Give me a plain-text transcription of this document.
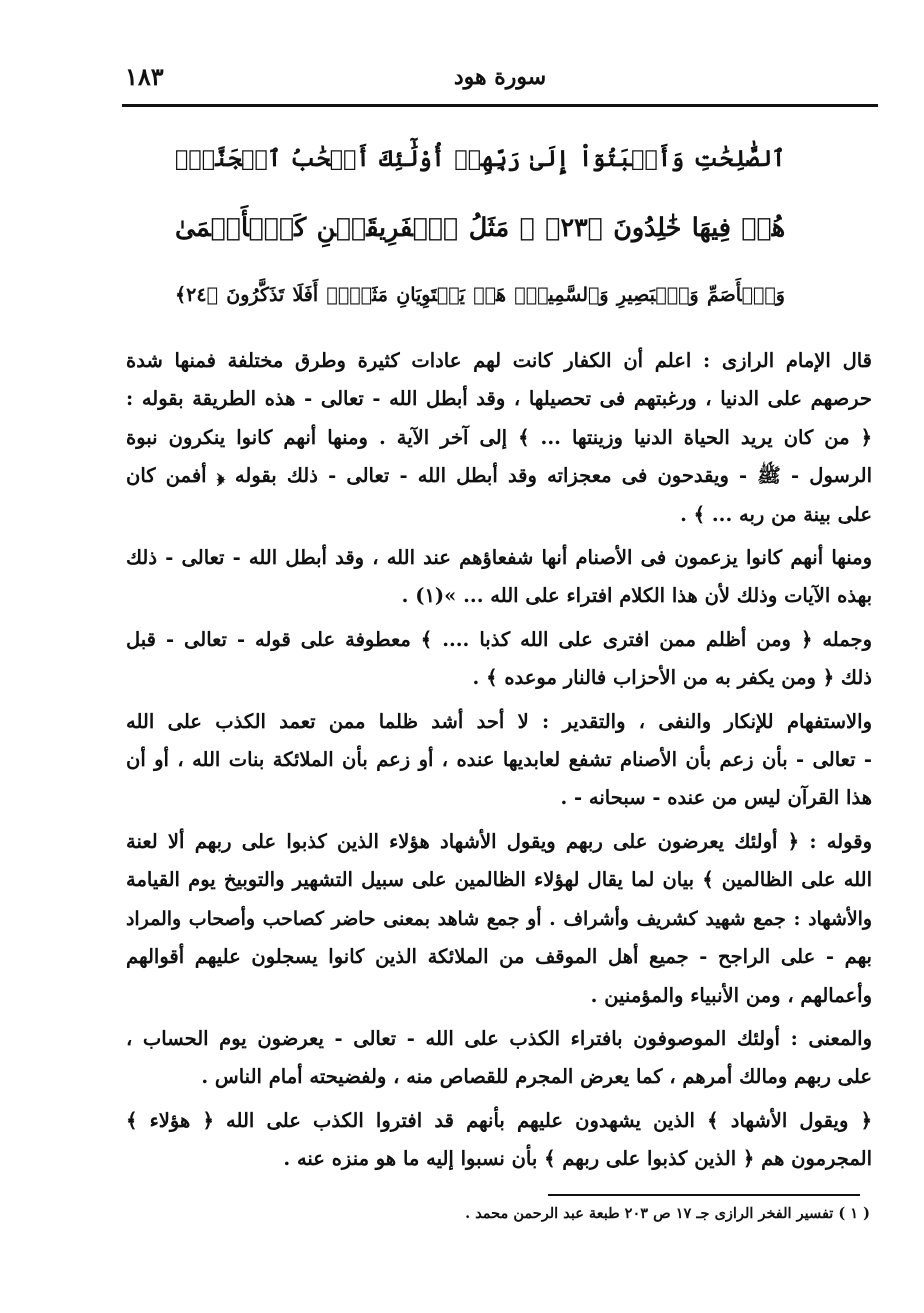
١٨٣	سورة هود
ٱلصَّٰلِحَٰتِ وَأَخۡبَتُوٓاْ إِلَىٰ رَبِّهِمۡ أُوْلَٰٓئِكَ أَصۡحَٰبُ ٱلۡجَنَّةِۖ
هُمۡ فِيهَا خَٰلِدُونَ ﴿٢٣﴾ ۞ مَثَلُ ٱلۡفَرِيقَيۡنِ كَٱلۡأَعۡمَىٰ
وَٱلۡأَصَمِّ وَٱلۡبَصِيرِ وَٱلسَّمِيعِۚ هَلۡ يَسۡتَوِيَانِ مَثَلًاۚ أَفَلَا تَذَكَّرُونَ ﴿٢٤﴾

قال الإمام الرازى : اعلم أن الكفار كانت لهم عادات كثيرة وطرق مختلفة فمنها شدة
حرصهم على الدنيا ، ورغبتهم فى تحصيلها ، وقد أبطل الله - تعالى - هذه الطريقة بقوله :
﴿ من كان يريد الحياة الدنيا وزينتها ... ﴾ إلى آخر الآية . ومنها أنهم كانوا ينكرون نبوة
الرسول - ﷺ - ويقدحون فى معجزاته وقد أبطل الله - تعالى - ذلك بقوله ﴿ أفمن كان
على بينة من ربه ... ﴾ .

ومنها أنهم كانوا يزعمون فى الأصنام أنها شفعاؤهم عند الله ، وقد أبطل الله - تعالى - ذلك
بهذه الآيات وذلك لأن هذا الكلام افتراء على الله ... »(١) .

وجمله ﴿ ومن أظلم ممن افترى على الله كذبا .... ﴾ معطوفة على قوله - تعالى - قبل
ذلك ﴿ ومن يكفر به من الأحزاب فالنار موعده ﴾ .

والاستفهام للإنكار والنفى ، والتقدير : لا أحد أشد ظلما ممن تعمد الكذب على الله
- تعالى - بأن زعم بأن الأصنام تشفع لعابديها عنده ، أو زعم بأن الملائكة بنات الله ، أو أن
هذا القرآن ليس من عنده - سبحانه - .

وقوله : ﴿ أولئك يعرضون على ربهم ويقول الأشهاد هؤلاء الذين كذبوا على ربهم ألا لعنة
الله على الظالمين ﴾ بيان لما يقال لهؤلاء الظالمين على سبيل التشهير والتوبيخ يوم القيامة
والأشهاد : جمع شهيد كشريف وأشراف . أو جمع شاهد بمعنى حاضر كصاحب وأصحاب والمراد
بهم - على الراجح - جميع أهل الموقف من الملائكة الذين كانوا يسجلون عليهم أقوالهم
وأعمالهم ، ومن الأنبياء والمؤمنين .

والمعنى : أولئك الموصوفون بافتراء الكذب على الله - تعالى - يعرضون يوم الحساب ،
على ربهم ومالك أمرهم ، كما يعرض المجرم للقصاص منه ، ولفضيحته أمام الناس .

﴿ ويقول الأشهاد ﴾ الذين يشهدون عليهم بأنهم قد افتروا الكذب على الله ﴿ هؤلاء ﴾
المجرمون هم ﴿ الذين كذبوا على ربهم ﴾ بأن نسبوا إليه ما هو منزه عنه .

( ١ ) تفسير الفخر الرازى جـ ١٧ ص ٢٠٣ طبعة عبد الرحمن محمد .
